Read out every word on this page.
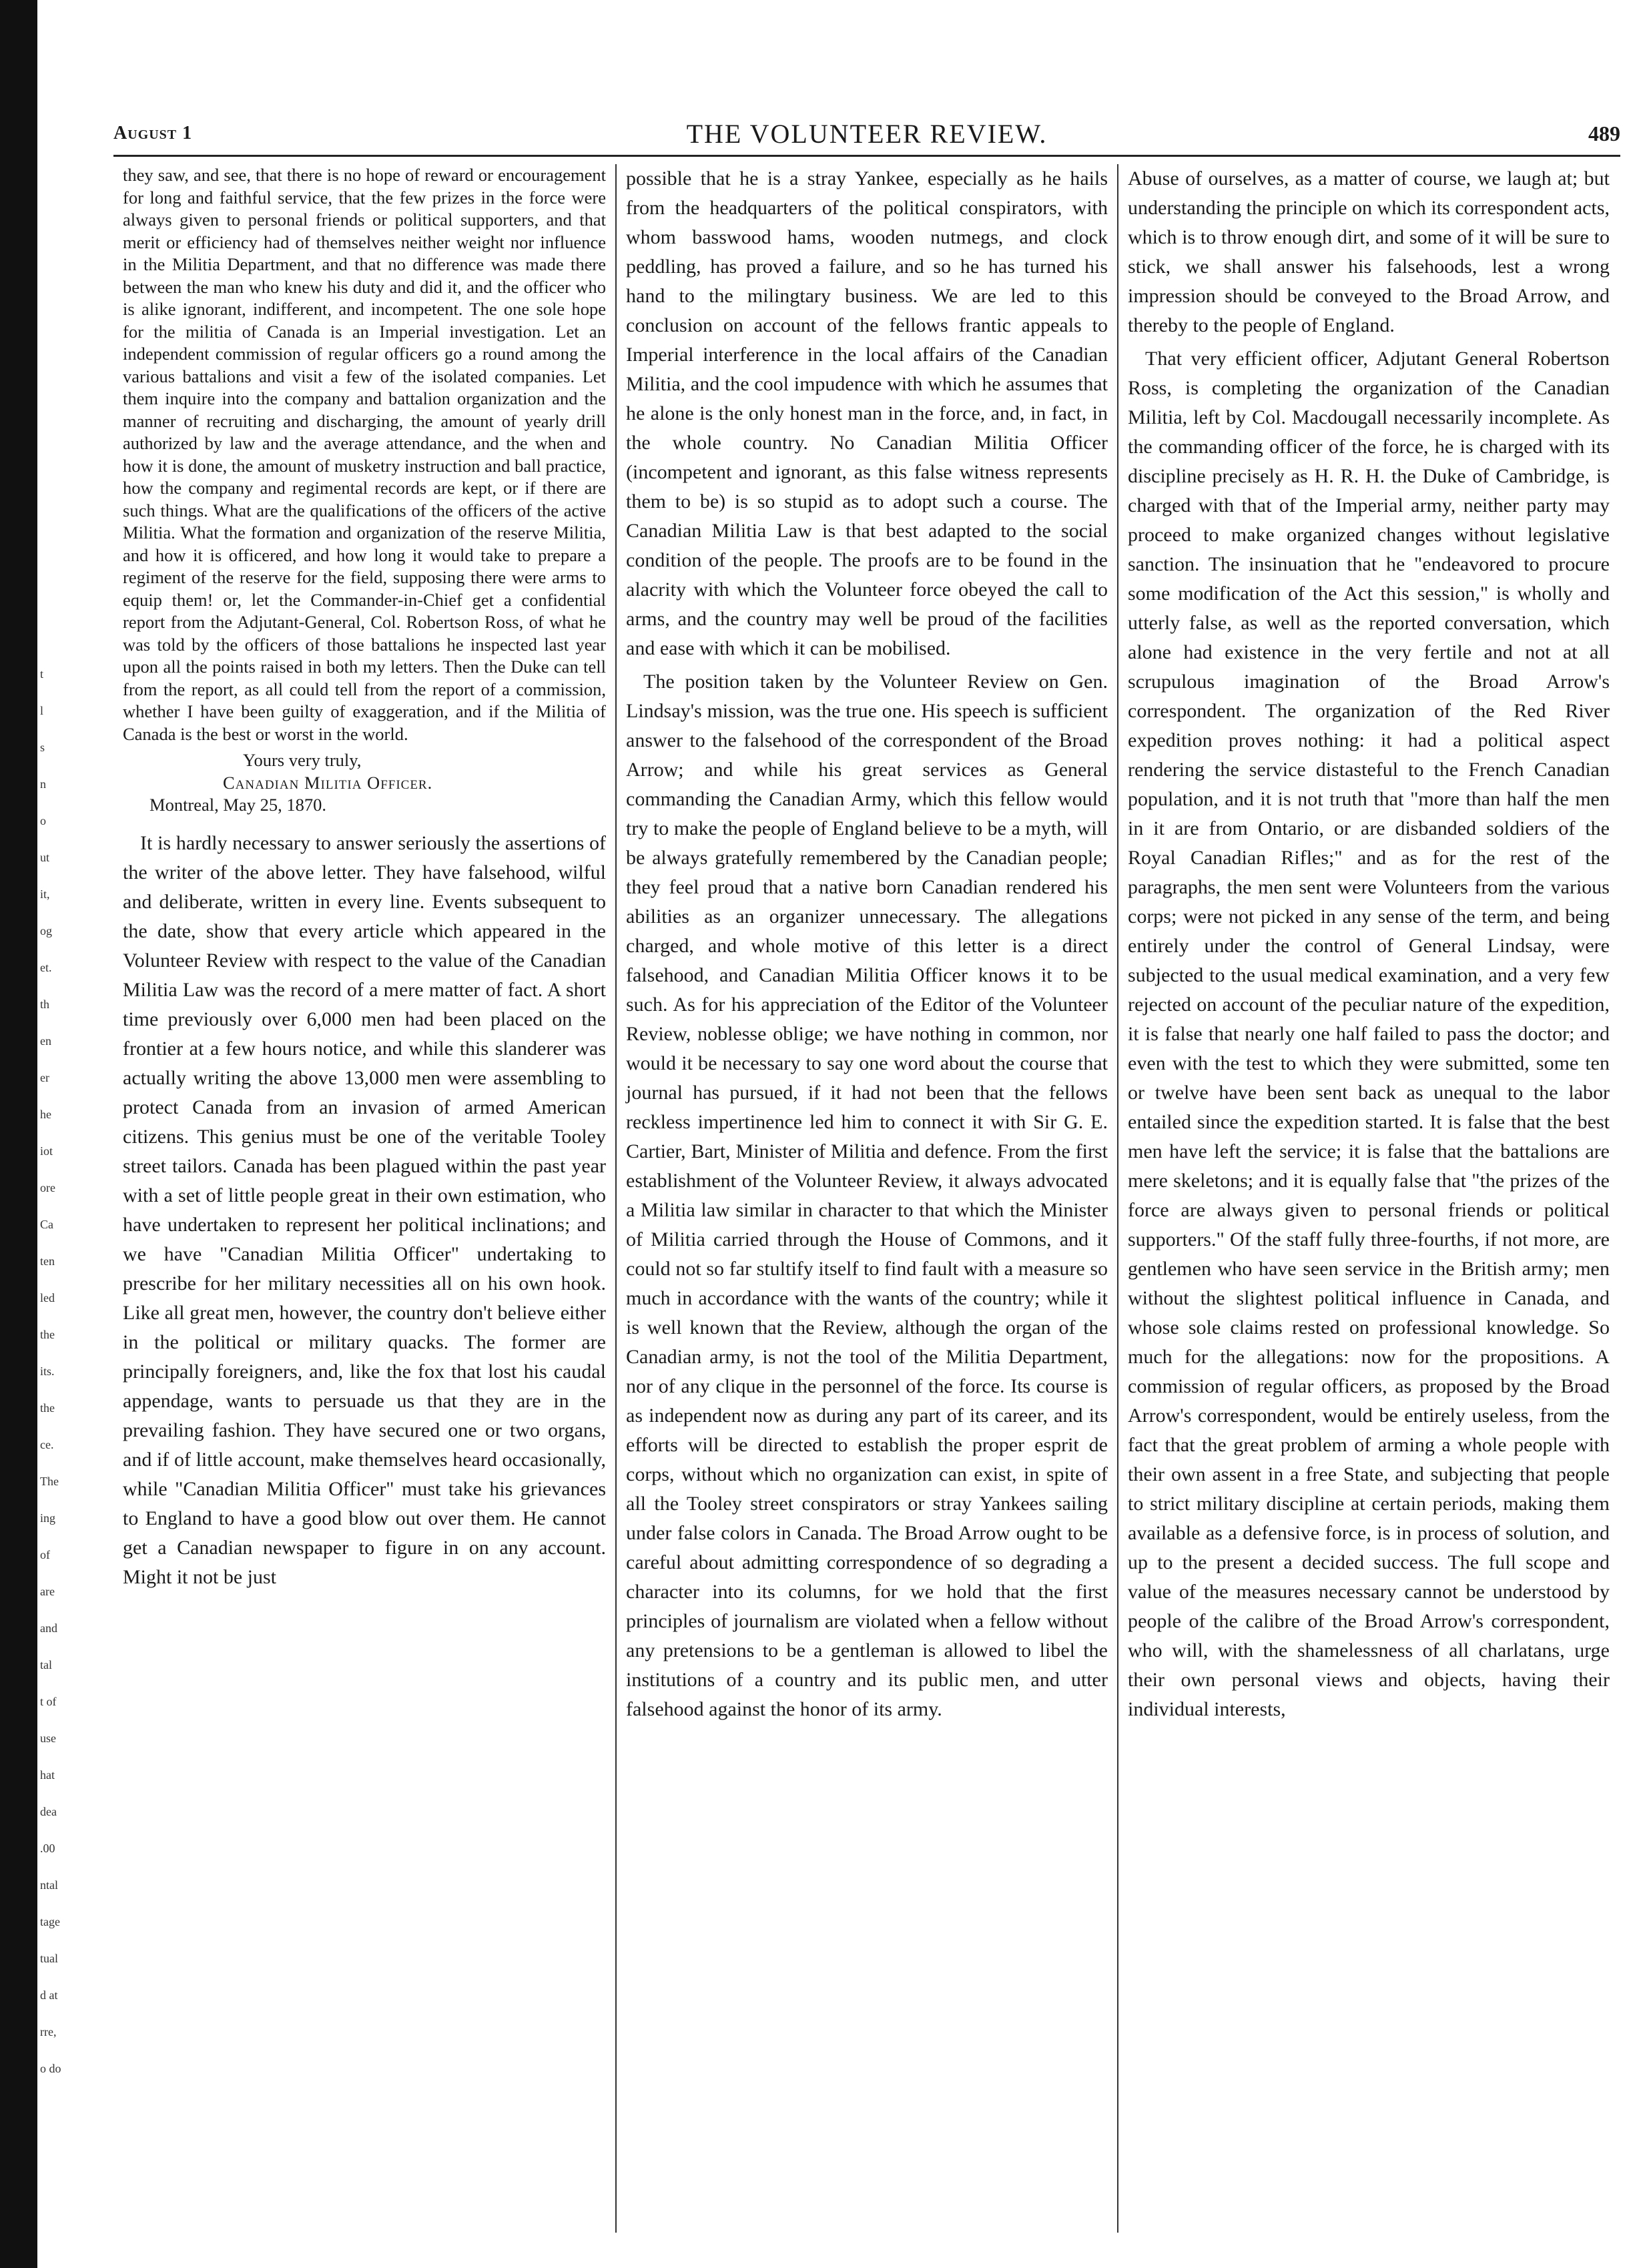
t
l
s
n
o
ut
it,
og
et.
th
en
er
he
iot
ore
Ca
ten
led
the
its.
the
ce.
The
ing
of
are
and
tal
t of
use
hat
dea
.00
ntal
tage
tual
d at
rre,
o do
August 1	THE VOLUNTEER REVIEW.	489

they saw, and see, that there is no hope of reward or encouragement for long and faithful service, that the few prizes in the force were always given to personal friends or political supporters, and that merit or efficiency had of themselves neither weight nor influence in the Militia Department, and that no difference was made there between the man who knew his duty and did it, and the officer who is alike ignorant, indifferent, and incompetent. The one sole hope for the militia of Canada is an Imperial investigation. Let an independent commission of regular officers go a round among the various battalions and visit a few of the isolated companies. Let them inquire into the company and battalion organization and the manner of recruiting and discharging, the amount of yearly drill authorized by law and the average attendance, and the when and how it is done, the amount of musketry instruction and ball practice, how the company and regimental records are kept, or if there are such things. What are the qualifications of the officers of the active Militia. What the formation and organization of the reserve Militia, and how it is officered, and how long it would take to prepare a regiment of the reserve for the field, supposing there were arms to equip them! or, let the Commander-in-Chief get a confidential report from the Adjutant-General, Col. Robertson Ross, of what he was told by the officers of those battalions he inspected last year upon all the points raised in both my letters. Then the Duke can tell from the report, as all could tell from the report of a commission, whether I have been guilty of exaggeration, and if the Militia of Canada is the best or worst in the world.

Yours very truly,
Canadian Militia Officer.
Montreal, May 25, 1870.

It is hardly necessary to answer seriously the assertions of the writer of the above letter. They have falsehood, wilful and deliberate, written in every line. Events subsequent to the date, show that every article which appeared in the Volunteer Review with respect to the value of the Canadian Militia Law was the record of a mere matter of fact. A short time previously over 6,000 men had been placed on the frontier at a few hours notice, and while this slanderer was actually writing the above 13,000 men were assembling to protect Canada from an invasion of armed American citizens. This genius must be one of the veritable Tooley street tailors. Canada has been plagued within the past year with a set of little people great in their own estimation, who have undertaken to represent her political inclinations; and we have "Canadian Militia Officer" undertaking to prescribe for her military necessities all on his own hook. Like all great men, however, the country don't believe either in the political or military quacks. The former are principally foreigners, and, like the fox that lost his caudal appendage, wants to persuade us that they are in the prevailing fashion. They have secured one or two organs, and if of little account, make themselves heard occasionally, while "Canadian Militia Officer" must take his grievances to England to have a good blow out over them. He cannot get a Canadian newspaper to figure in on any account. Might it not be just

possible that he is a stray Yankee, especially as he hails from the headquarters of the political conspirators, with whom basswood hams, wooden nutmegs, and clock peddling, has proved a failure, and so he has turned his hand to the milingtary business. We are led to this conclusion on account of the fellows frantic appeals to Imperial interference in the local affairs of the Canadian Militia, and the cool impudence with which he assumes that he alone is the only honest man in the force, and, in fact, in the whole country. No Canadian Militia Officer (incompetent and ignorant, as this false witness represents them to be) is so stupid as to adopt such a course. The Canadian Militia Law is that best adapted to the social condition of the people. The proofs are to be found in the alacrity with which the Volunteer force obeyed the call to arms, and the country may well be proud of the facilities and ease with which it can be mobilised.

The position taken by the Volunteer Review on Gen. Lindsay's mission, was the true one. His speech is sufficient answer to the falsehood of the correspondent of the Broad Arrow; and while his great services as General commanding the Canadian Army, which this fellow would try to make the people of England believe to be a myth, will be always gratefully remembered by the Canadian people; they feel proud that a native born Canadian rendered his abilities as an organizer unnecessary. The allegations charged, and whole motive of this letter is a direct falsehood, and Canadian Militia Officer knows it to be such. As for his appreciation of the Editor of the Volunteer Review, noblesse oblige; we have nothing in common, nor would it be necessary to say one word about the course that journal has pursued, if it had not been that the fellows reckless impertinence led him to connect it with Sir G. E. Cartier, Bart, Minister of Militia and defence. From the first establishment of the Volunteer Review, it always advocated a Militia law similar in character to that which the Minister of Militia carried through the House of Commons, and it could not so far stultify itself to find fault with a measure so much in accordance with the wants of the country; while it is well known that the Review, although the organ of the Canadian army, is not the tool of the Militia Department, nor of any clique in the personnel of the force. Its course is as independent now as during any part of its career, and its efforts will be directed to establish the proper esprit de corps, without which no organization can exist, in spite of all the Tooley street conspirators or stray Yankees sailing under false colors in Canada. The Broad Arrow ought to be careful about admitting correspondence of so degrading a character into its columns, for we hold that the first principles of journalism are violated when a fellow without any pretensions to be a gentleman is allowed to libel the institutions of a country and its public men, and utter falsehood against the honor of its army.

Abuse of ourselves, as a matter of course, we laugh at; but understanding the principle on which its correspondent acts, which is to throw enough dirt, and some of it will be sure to stick, we shall answer his falsehoods, lest a wrong impression should be conveyed to the Broad Arrow, and thereby to the people of England.

That very efficient officer, Adjutant General Robertson Ross, is completing the organization of the Canadian Militia, left by Col. Macdougall necessarily incomplete. As the commanding officer of the force, he is charged with its discipline precisely as H. R. H. the Duke of Cambridge, is charged with that of the Imperial army, neither party may proceed to make organized changes without legislative sanction. The insinuation that he "endeavored to procure some modification of the Act this session," is wholly and utterly false, as well as the reported conversation, which alone had existence in the very fertile and not at all scrupulous imagination of the Broad Arrow's correspondent. The organization of the Red River expedition proves nothing: it had a political aspect rendering the service distasteful to the French Canadian population, and it is not truth that "more than half the men in it are from Ontario, or are disbanded soldiers of the Royal Canadian Rifles;" and as for the rest of the paragraphs, the men sent were Volunteers from the various corps; were not picked in any sense of the term, and being entirely under the control of General Lindsay, were subjected to the usual medical examination, and a very few rejected on account of the peculiar nature of the expedition, it is false that nearly one half failed to pass the doctor; and even with the test to which they were submitted, some ten or twelve have been sent back as unequal to the labor entailed since the expedition started. It is false that the best men have left the service; it is false that the battalions are mere skeletons; and it is equally false that "the prizes of the force are always given to personal friends or political supporters." Of the staff fully three-fourths, if not more, are gentlemen who have seen service in the British army; men without the slightest political influence in Canada, and whose sole claims rested on professional knowledge. So much for the allegations: now for the propositions. A commission of regular officers, as proposed by the Broad Arrow's correspondent, would be entirely useless, from the fact that the great problem of arming a whole people with their own assent in a free State, and subjecting that people to strict military discipline at certain periods, making them available as a defensive force, is in process of solution, and up to the present a decided success. The full scope and value of the measures necessary cannot be understood by people of the calibre of the Broad Arrow's correspondent, who will, with the shamelessness of all charlatans, urge their own personal views and objects, having their individual interests,
